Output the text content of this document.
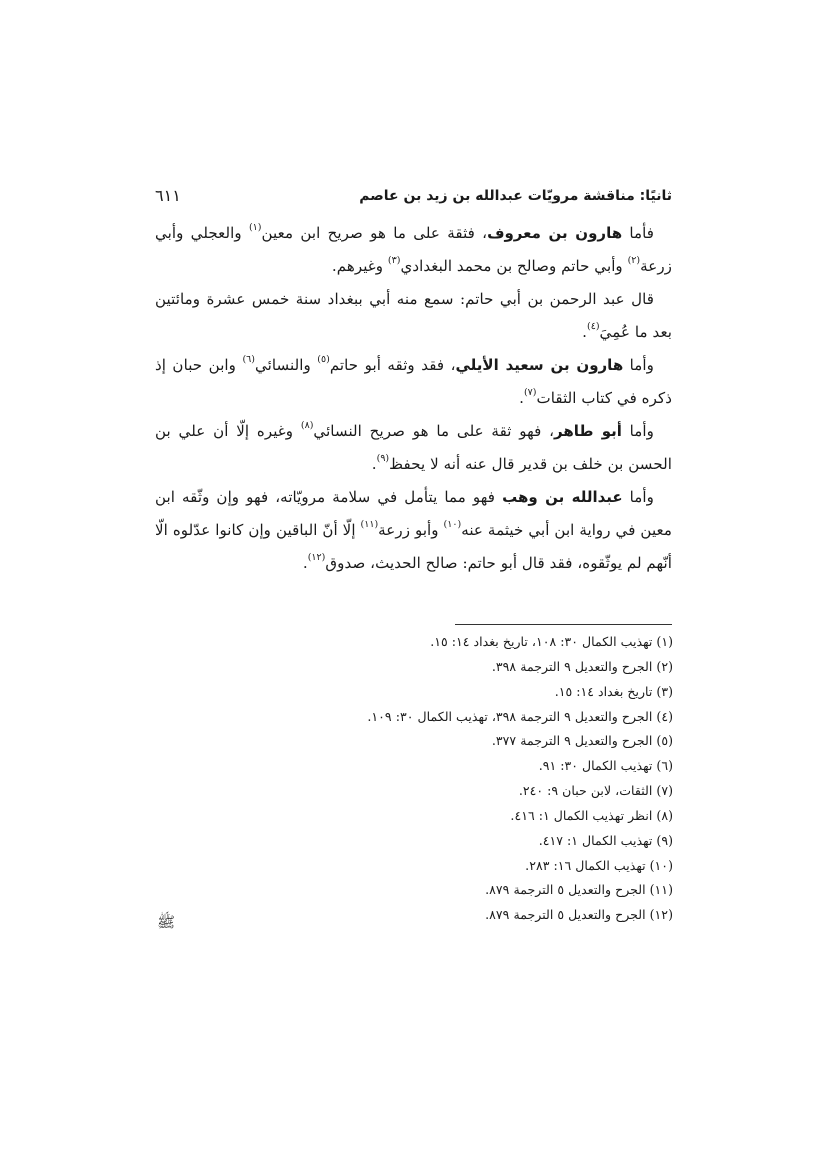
ثانيًا: مناقشة مرويّات عبدالله بن زيد بن عاصم
٦١١

فأما هارون بن معروف، فثقة على ما هو صريح ابن معين$^{(١)}$ والعجلي وأبي زرعة$^{(٢)}$ وأبي حاتم وصالح بن محمد البغدادي$^{(٣)}$ وغيرهم.

قال عبد الرحمن بن أبي حاتم: سمع منه أبي ببغداد سنة خمس عشرة ومائتين بعد ما عُمِيَ$^{(٤)}$.

وأما هارون بن سعيد الأيلي، فقد وثقه أبو حاتم$^{(٥)}$ والنسائي$^{(٦)}$ وابن حبان إذ ذكره في كتاب الثقات$^{(٧)}$.

وأما أبو طاهر، فهو ثقة على ما هو صريح النسائي$^{(٨)}$ وغيره إلّا أن علي بن الحسن بن خلف بن قدير قال عنه أنه لا يحفظ$^{(٩)}$.

وأما عبدالله بن وهب فهو مما يتأمل في سلامة مرويّاته، فهو وإن وثّقه ابن معين في رواية ابن أبي خيثمة عنه$^{(١٠)}$ وأبو زرعة$^{(١١)}$ إلّا أنّ الباقين وإن كانوا عدّلوه الّا أنّهم لم يوثّقوه، فقد قال أبو حاتم: صالح الحديث، صدوق$^{(١٢)}$.

(١) تهذيب الكمال ٣٠: ١٠٨، تاريخ بغداد ١٤: ١٥.
(٢) الجرح والتعديل ٩ الترجمة ٣٩٨.
(٣) تاريخ بغداد ١٤: ١٥.
(٤) الجرح والتعديل ٩ الترجمة ٣٩٨، تهذيب الكمال ٣٠: ١٠٩.
(٥) الجرح والتعديل ٩ الترجمة ٣٧٧.
(٦) تهذيب الكمال ٣٠: ٩١.
(٧) الثقات، لابن حبان ٩: ٢٤٠.
(٨) انظر تهذيب الكمال ١: ٤١٦.
(٩) تهذيب الكمال ١: ٤١٧.
(١٠) تهذيب الكمال ١٦: ٢٨٣.
(١١) الجرح والتعديل ٥ الترجمة ٨٧٩.
(١٢) الجرح والتعديل ٥ الترجمة ٨٧٩.
ﷺ
